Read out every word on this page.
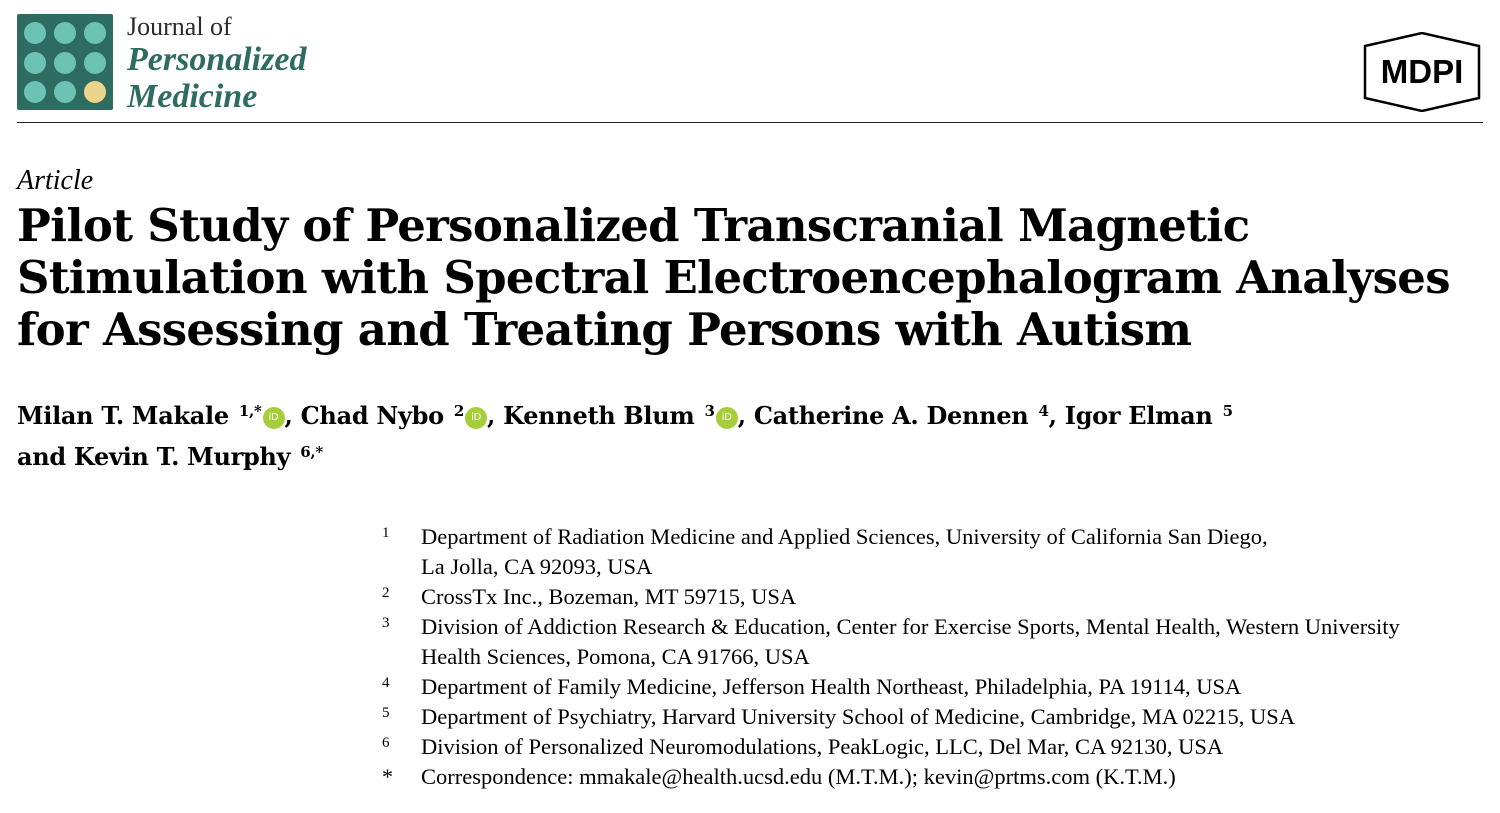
Journal of
Personalized
Medicine
MDPI
Article
Pilot Study of Personalized Transcranial Magnetic Stimulation with Spectral Electroencephalogram Analyses for Assessing and Treating Persons with Autism
Milan T. Makale $^{1,*}$ iD , Chad Nybo $^2$ iD , Kenneth Blum $^3$ iD , Catherine A. Dennen $^4$, Igor Elman $^5$
and Kevin T. Murphy $^{6,*}$
1	Department of Radiation Medicine and Applied Sciences, University of California San Diego,
La Jolla, CA 92093, USA
2	CrossTx Inc., Bozeman, MT 59715, USA
3	Division of Addiction Research & Education, Center for Exercise Sports, Mental Health, Western University
Health Sciences, Pomona, CA 91766, USA
4	Department of Family Medicine, Jefferson Health Northeast, Philadelphia, PA 19114, USA
5	Department of Psychiatry, Harvard University School of Medicine, Cambridge, MA 02215, USA
6	Division of Personalized Neuromodulations, PeakLogic, LLC, Del Mar, CA 92130, USA
*	Correspondence: mmakale@health.ucsd.edu (M.T.M.); kevin@prtms.com (K.T.M.)
